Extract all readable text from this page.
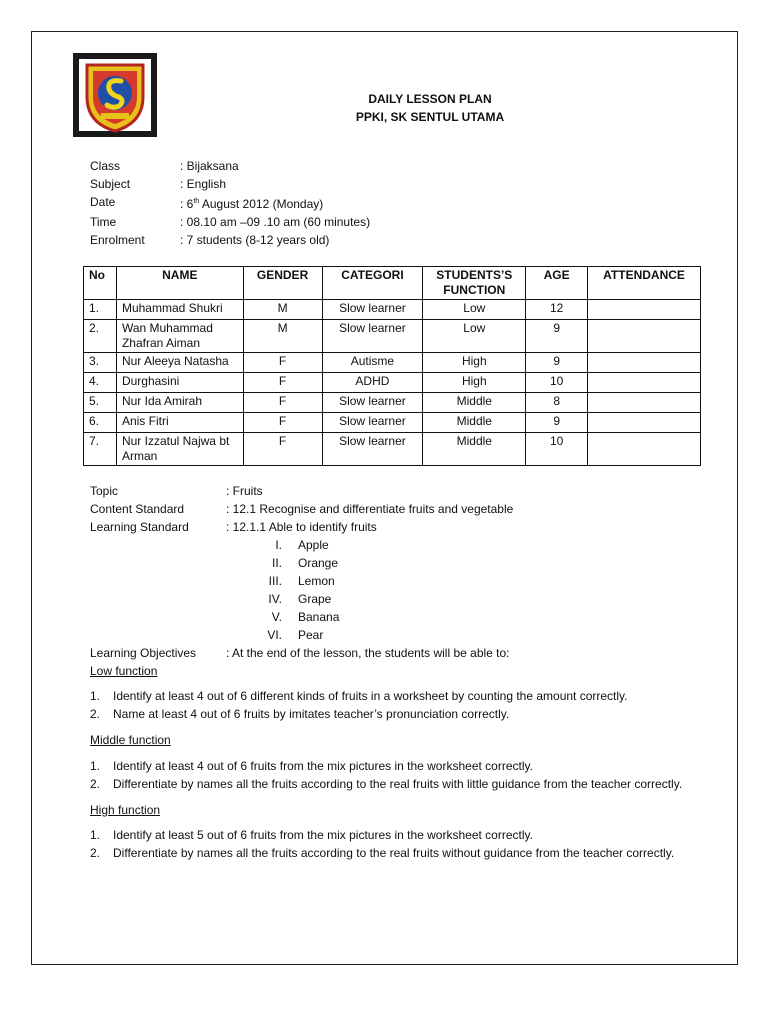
DAILY LESSON PLAN
PPKI, SK SENTUL UTAMA
Class	: Bijaksana
Subject	: English
Date	: 6th August 2012 (Monday)
Time	: 08.10 am –09 .10 am (60 minutes)
Enrolment	: 7 students (8-12 years old)
No	NAME	GENDER	CATEGORI	STUDENTS’S FUNCTION	AGE	ATTENDANCE
1.	Muhammad Shukri	M	Slow learner	Low	12	
2.	Wan Muhammad Zhafran Aiman	M	Slow learner	Low	9	
3.	Nur Aleeya Natasha	F	Autisme	High	9	
4.	Durghasini	F	ADHD	High	10	
5.	Nur Ida Amirah	F	Slow learner	Middle	8	
6.	Anis Fitri	F	Slow learner	Middle	9	
7.	Nur Izzatul Najwa bt Arman	F	Slow learner	Middle	10	
Topic	: Fruits
Content Standard	: 12.1 Recognise and differentiate fruits and vegetable
Learning Standard	: 12.1.1 Able to identify fruits
I. Apple
II. Orange
III. Lemon
IV. Grape
V. Banana
VI. Pear
Learning Objectives	: At the end of the lesson, the students will be able to:
Low function
1.	Identify at least 4 out of 6 different kinds of fruits in a worksheet by counting the amount correctly.
2.	Name at least 4 out of 6 fruits by imitates teacher’s pronunciation correctly.
Middle function
1.	Identify at least 4 out of 6 fruits from the mix pictures in the worksheet correctly.
2.	Differentiate by names all the fruits according to the real fruits with little guidance from the teacher correctly.
High function
1.	Identify at least 5 out of 6 fruits from the mix pictures in the worksheet correctly.
2.	Differentiate by names all the fruits according to the real fruits without guidance from the teacher correctly.
